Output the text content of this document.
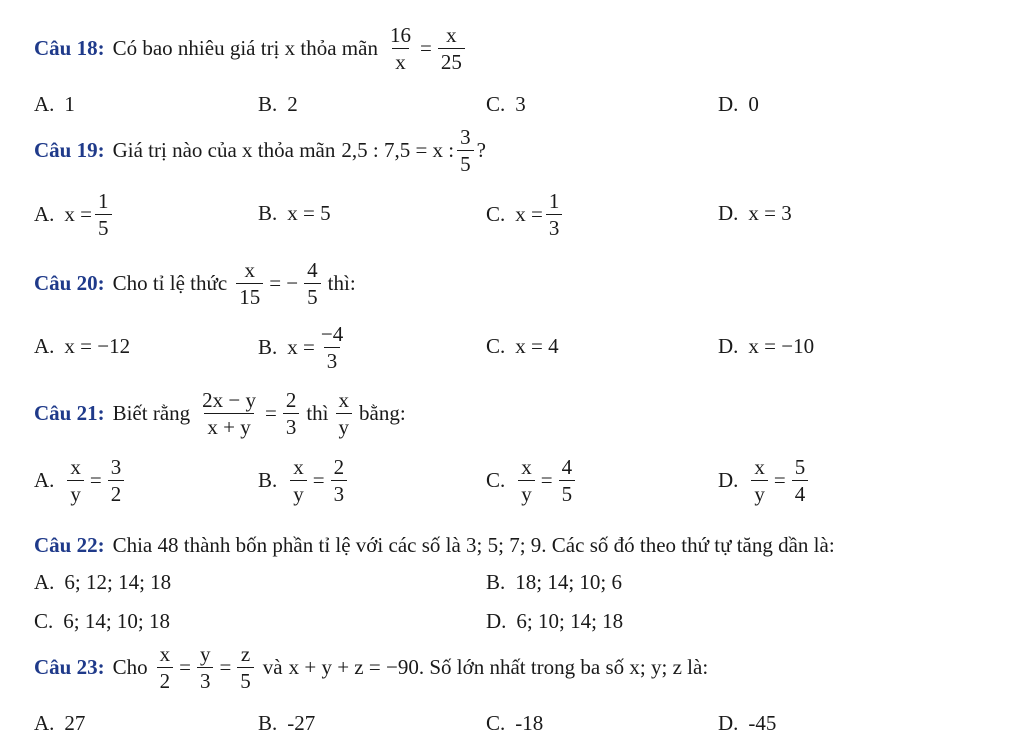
Câu 18: Có bao nhiêu giá trị x thỏa mãn $\frac{16}{x} = \frac{x}{25}$
A. 1	B. 2	C. 3	D. 0
Câu 19: Giá trị nào của x thỏa mãn 2,5 : 7,5 = x : $\frac{3}{5}$ ?
A. $x = \frac{1}{5}$	B. x = 5	C. $x = \frac{1}{3}$	D. x = 3
Câu 20: Cho tỉ lệ thức $\frac{x}{15}$ = − $\frac{4}{5}$ thì:
A. x = −12	B. $x = \frac{-4}{3}$	C. x = 4	D. x = −10
Câu 21: Biết rằng $\frac{2x - y}{x + y} = \frac{2}{3}$ thì $\frac{x}{y}$ bằng:
A. $\frac{x}{y} = \frac{3}{2}$	B. $\frac{x}{y} = \frac{2}{3}$	C. $\frac{x}{y} = \frac{4}{5}$	D. $\frac{x}{y} = \frac{5}{4}$
Câu 22: Chia 48 thành bốn phần tỉ lệ với các số là 3; 5; 7; 9. Các số đó theo thứ tự tăng dần là:
A. 6; 12; 14; 18	B. 18; 14; 10; 6
C. 6; 14; 10; 18	D. 6; 10; 14; 18
Câu 23: Cho $\frac{x}{2} = \frac{y}{3} = \frac{z}{5}$ và x + y + z = −90 . Số lớn nhất trong ba số x; y; z là:
A. 27	B. -27	C. -18	D. -45
